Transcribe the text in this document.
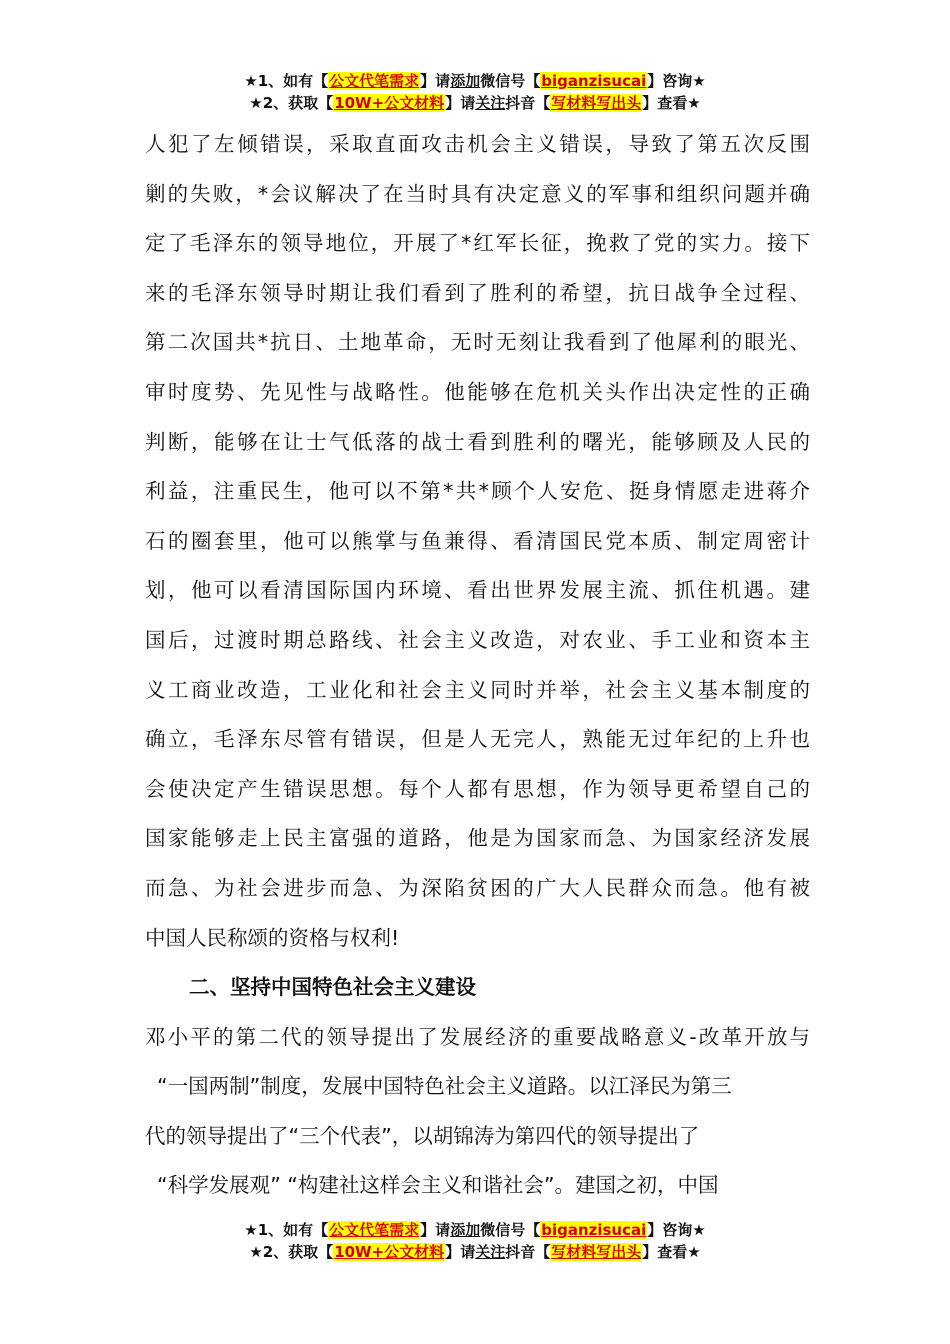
★1、如有【公文代笔需求】请添加微信号【biganzisucai】咨询★
★2、获取【10W+公文材料】请关注抖音【写材料写出头】查看★
人犯了左倾错误，采取直面攻击机会主义错误，导致了第五次反围
剿的失败，*会议解决了在当时具有决定意义的军事和组织问题并确
定了毛泽东的领导地位，开展了*红军长征，挽救了党的实力。接下
来的毛泽东领导时期让我们看到了胜利的希望，抗日战争全过程、
第二次国共*抗日、土地革命，无时无刻让我看到了他犀利的眼光、
审时度势、先见性与战略性。他能够在危机关头作出决定性的正确
判断，能够在让士气低落的战士看到胜利的曙光，能够顾及人民的
利益，注重民生，他可以不第*共*顾个人安危、挺身情愿走进蒋介
石的圈套里，他可以熊掌与鱼兼得、看清国民党本质、制定周密计
划，他可以看清国际国内环境、看出世界发展主流、抓住机遇。建
国后，过渡时期总路线、社会主义改造，对农业、手工业和资本主
义工商业改造，工业化和社会主义同时并举，社会主义基本制度的
确立，毛泽东尽管有错误，但是人无完人，熟能无过年纪的上升也
会使决定产生错误思想。每个人都有思想，作为领导更希望自己的
国家能够走上民主富强的道路，他是为国家而急、为国家经济发展
而急、为社会进步而急、为深陷贫困的广大人民群众而急。他有被
中国人民称颂的资格与权利!
二、坚持中国特色社会主义建设
邓小平的第二代的领导提出了发展经济的重要战略意义-改革开放与
“一国两制”制度，发展中国特色社会主义道路。以江泽民为第三
代的领导提出了“三个代表”，以胡锦涛为第四代的领导提出了
“科学发展观” “构建社这样会主义和谐社会”。建国之初，中国
★1、如有【公文代笔需求】请添加微信号【biganzisucai】咨询★
★2、获取【10W+公文材料】请关注抖音【写材料写出头】查看★
